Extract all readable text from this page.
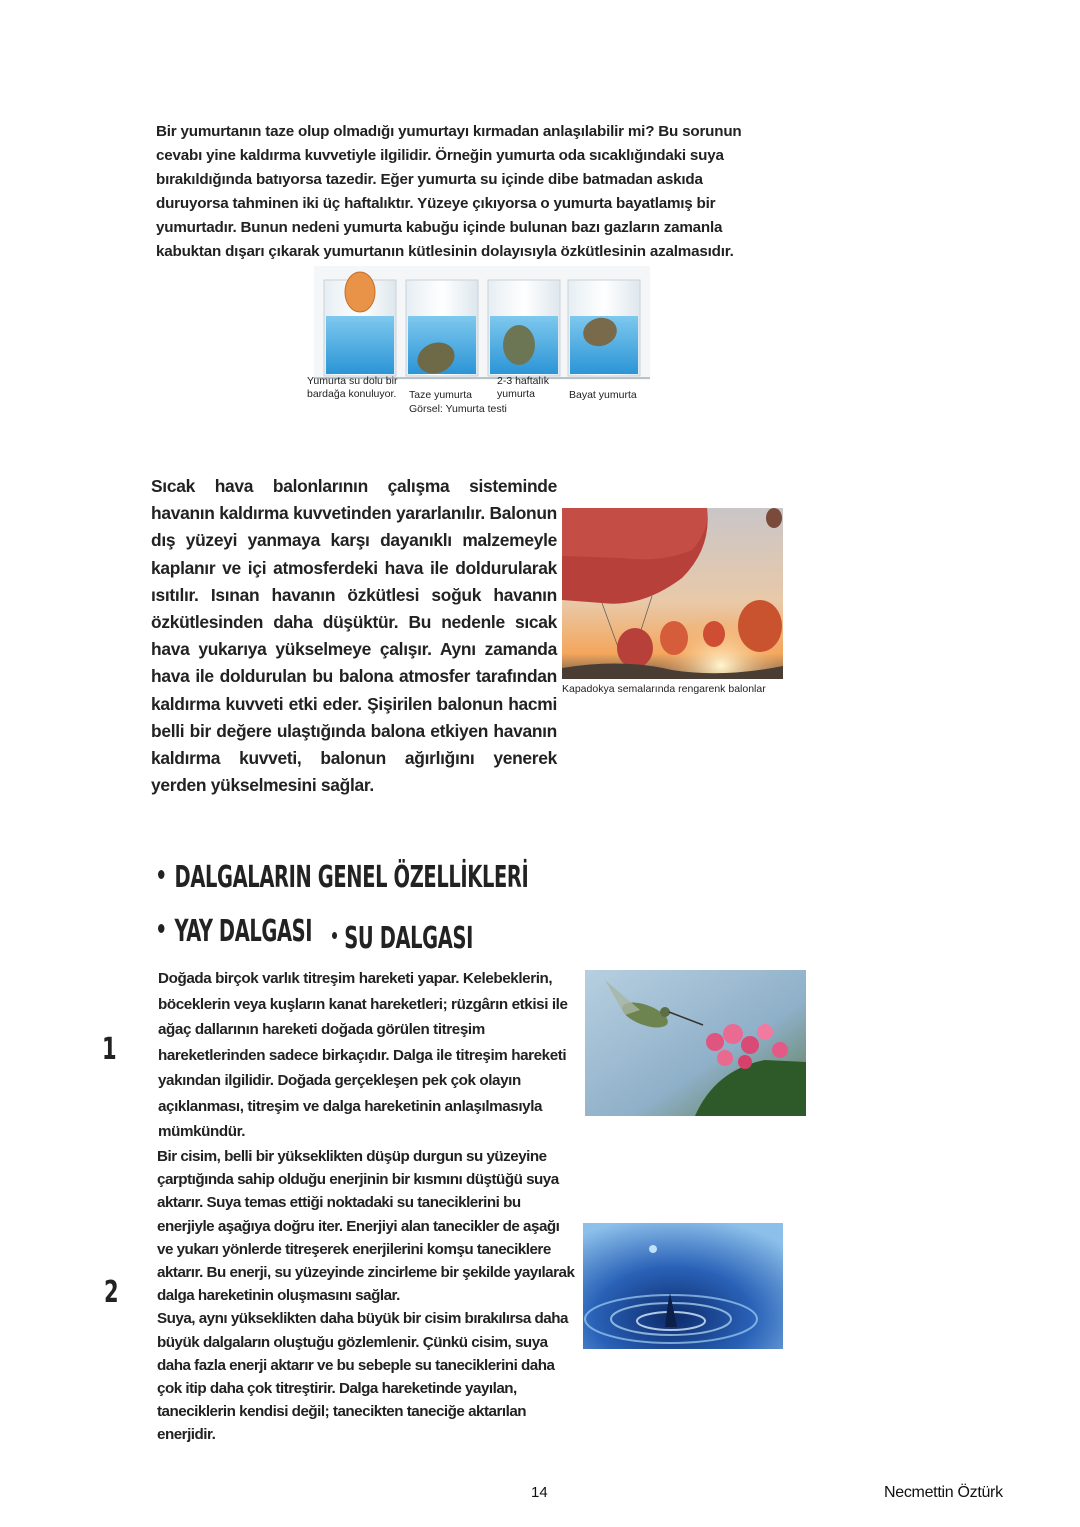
Bir yumurtanın taze olup olmadığı yumurtayı kırmadan anlaşılabilir mi? Bu sorunun cevabı yine kaldırma kuvvetiyle ilgilidir. Örneğin yumurta oda sıcaklığındaki suya bırakıldığında batıyorsa tazedir. Eğer yumurta su içinde dibe batmadan askıda duruyorsa tahminen iki üç haftalıktır. Yüzeye çıkıyorsa o yumurta bayatlamış bir yumurtadır. Bunun nedeni yumurta kabuğu içinde bulunan bazı gazların zamanla kabuktan dışarı çıkarak yumurtanın kütlesinin dolayısıyla özkütlesinin azalmasıdır.

Yumurta su dolu bir
bardağa konuluyor. Taze yumurta
2-3 haftalık
yumurta	Bayat yumurta
Görsel: Yumurta testi

Sıcak hava balonlarının çalışma sisteminde havanın kaldırma kuvvetinden yararlanılır. Balonun dış yüzeyi yanmaya karşı dayanıklı malzemeyle kaplanır ve içi atmosferdeki hava ile doldurularak ısıtılır. Isınan havanın özkütlesi soğuk havanın özkütlesinden daha düşüktür. Bu nedenle sıcak hava yukarıya yükselmeye çalışır. Aynı zamanda hava ile doldurulan bu balona atmosfer tarafından kaldırma kuvveti etki eder. Şişirilen balonun hacmi belli bir değere ulaştığında balona etkiyen havanın kaldırma kuvveti, balonun ağırlığını yenerek yerden yükselmesini sağlar.

Kapadokya semalarında rengarenk balonlar
DALGALARIN GENEL ÖZELLİKLERİ
YAY DALGASI	SU DALGASI
1

Doğada birçok varlık titreşim hareketi yapar. Kelebeklerin, böceklerin veya kuşların kanat hareketleri; rüzgârın etkisi ile ağaç dallarının hareketi doğada görülen titreşim hareketlerinden sadece birkaçıdır. Dalga ile titreşim hareketi yakından ilgilidir. Doğada gerçekleşen pek çok olayın açıklanması, titreşim ve dalga hareketinin anlaşılmasıyla mümkündür.

2
Bir cisim, belli bir yükseklikten düşüp durgun su yüzeyine çarptığında sahip olduğu enerjinin bir kısmını düştüğü suya aktarır. Suya temas ettiği noktadaki su taneciklerini bu enerjiyle aşağıya doğru iter. Enerjiyi alan tanecikler de aşağı ve yukarı yönlerde titreşerek enerjilerini komşu taneciklere aktarır. Bu enerji, su yüzeyinde zincirleme bir şekilde yayılarak dalga hareketinin oluşmasını sağlar.
Suya, aynı yükseklikten daha büyük bir cisim bırakılırsa daha büyük dalgaların oluştuğu gözlemlenir. Çünkü cisim, suya daha fazla enerji aktarır ve bu sebeple su taneciklerini daha çok itip daha çok titreştirir. Dalga hareketinde yayılan, taneciklerin kendisi değil; tanecikten taneciğe aktarılan enerjidir.
14	Necmettin Öztürk
